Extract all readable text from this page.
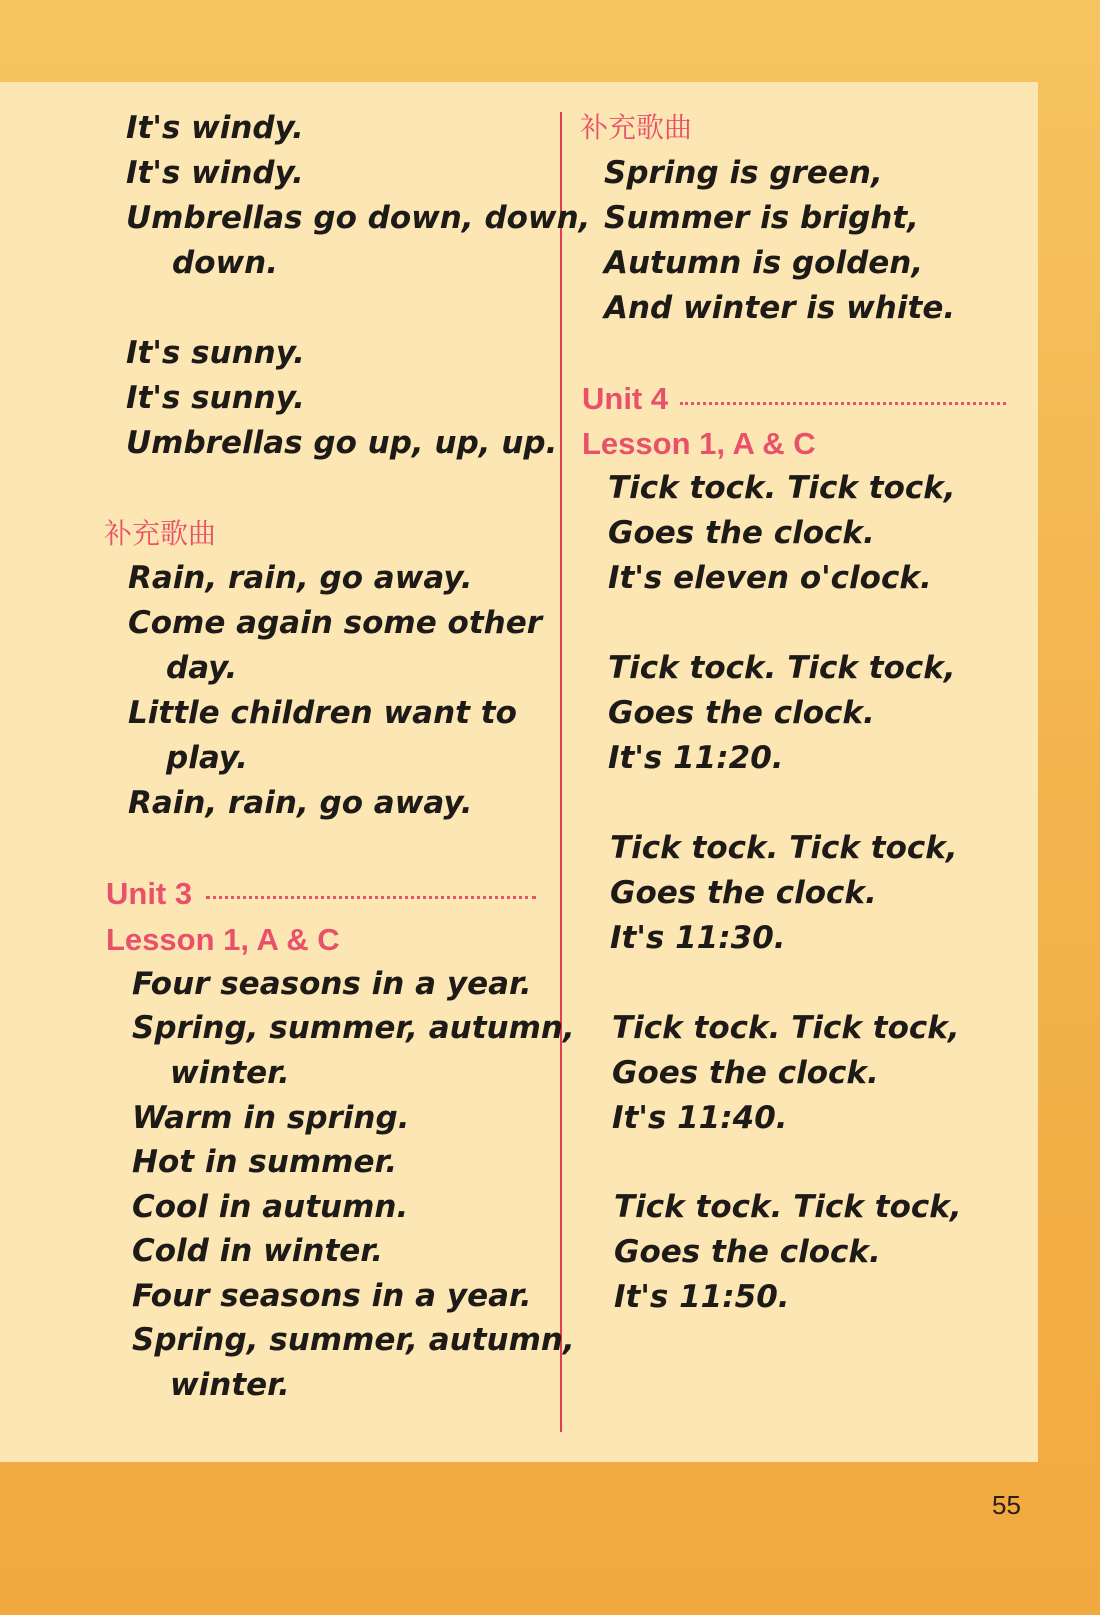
It's windy.
It's windy.
Umbrellas go down, down,
down.
It's sunny.
It's sunny.
Umbrellas go up, up, up.
补充歌曲
Rain, rain, go away.
Come again some other
day.
Little children want to
play.
Rain, rain, go away.
Unit 3
Lesson 1, A & C
Four seasons in a year.
Spring, summer, autumn,
winter.
Warm in spring.
Hot in summer.
Cool in autumn.
Cold in winter.
Four seasons in a year.
Spring, summer, autumn,
winter.
补充歌曲
Spring is green,
Summer is bright,
Autumn is golden,
And winter is white.
Unit 4
Lesson 1, A & C
Tick tock. Tick tock,
Goes the clock.
It's eleven o'clock.
Tick tock. Tick tock,
Goes the clock.
It's 11:20.
Tick tock. Tick tock,
Goes the clock.
It's 11:30.
Tick tock. Tick tock,
Goes the clock.
It's 11:40.
Tick tock. Tick tock,
Goes the clock.
It's 11:50.
55
